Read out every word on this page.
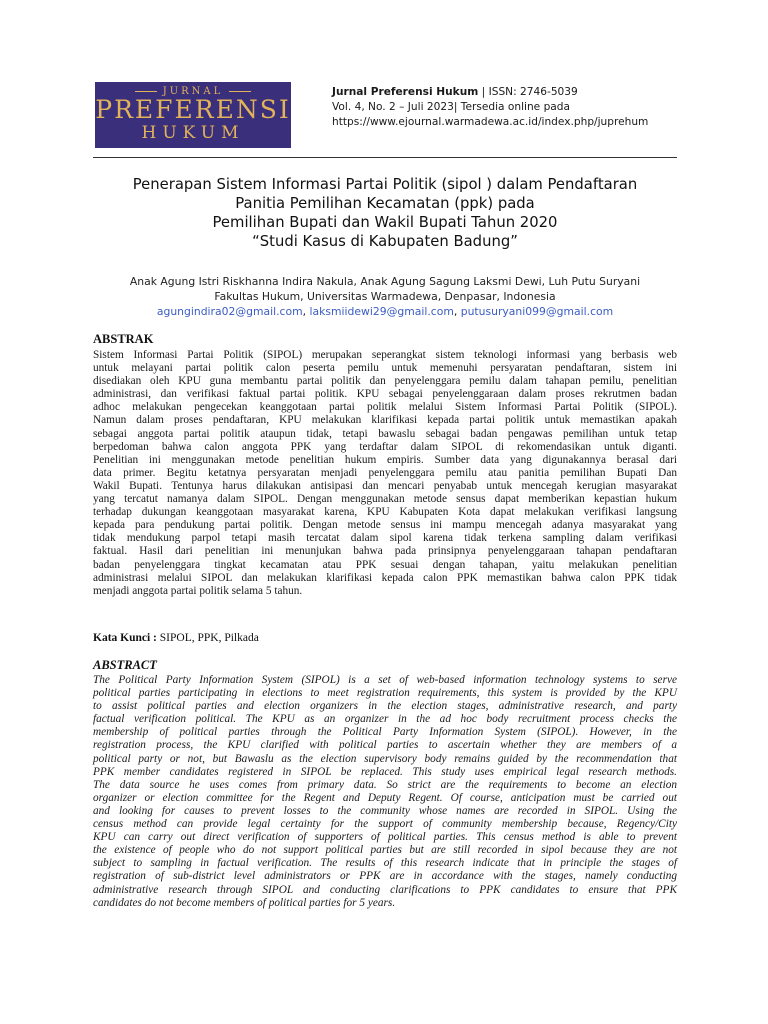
JURNAL
PREFERENSI
HUKUM
Jurnal Preferensi Hukum | ISSN: 2746-5039
Vol. 4, No. 2 – Juli 2023| Tersedia online pada
https://www.ejournal.warmadewa.ac.id/index.php/juprehum
Penerapan Sistem Informasi Partai Politik (sipol ) dalam Pendaftaran
Panitia Pemilihan Kecamatan (ppk) pada
Pemilihan Bupati dan Wakil Bupati Tahun 2020
“Studi Kasus di Kabupaten Badung”
Anak Agung Istri Riskhanna Indira Nakula, Anak Agung Sagung Laksmi Dewi, Luh Putu Suryani
Fakultas Hukum, Universitas Warmadewa, Denpasar, Indonesia
agungindira02@gmail.com, laksmiidewi29@gmail.com, putusuryani099@gmail.com
ABSTRAK
Sistem Informasi Partai Politik (SIPOL) merupakan seperangkat sistem teknologi informasi yang berbasis web
untuk melayani partai politik calon peserta pemilu untuk memenuhi persyaratan pendaftaran, sistem ini
disediakan oleh KPU guna membantu partai politik dan penyelenggara pemilu dalam tahapan pemilu, penelitian
administrasi, dan verifikasi faktual partai politik. KPU sebagai penyelenggaraan dalam proses rekrutmen badan
adhoc melakukan pengecekan keanggotaan partai politik melalui Sistem Informasi Partai Politik (SIPOL).
Namun dalam proses pendaftaran, KPU melakukan klarifikasi kepada partai politik untuk memastikan apakah
sebagai anggota partai politik ataupun tidak, tetapi bawaslu sebagai badan pengawas pemilihan untuk tetap
berpedoman bahwa calon anggota PPK yang terdaftar dalam SIPOL di rekomendasikan untuk diganti.
Penelitian ini menggunakan metode penelitian hukum empiris. Sumber data yang digunakannya berasal dari
data primer. Begitu ketatnya persyaratan menjadi penyelenggara pemilu atau panitia pemilihan Bupati Dan
Wakil Bupati. Tentunya harus dilakukan antisipasi dan mencari penyabab untuk mencegah kerugian masyarakat
yang tercatut namanya dalam SIPOL. Dengan menggunakan metode sensus dapat memberikan kepastian hukum
terhadap dukungan keanggotaan masyarakat karena, KPU Kabupaten Kota dapat melakukan verifikasi langsung
kepada para pendukung partai politik. Dengan metode sensus ini mampu mencegah adanya masyarakat yang
tidak mendukung parpol tetapi masih tercatat dalam sipol karena tidak terkena sampling dalam verifikasi
faktual. Hasil dari penelitian ini menunjukan bahwa pada prinsipnya penyelenggaraan tahapan pendaftaran
badan penyelenggara tingkat kecamatan atau PPK sesuai dengan tahapan, yaitu melakukan penelitian
administrasi melalui SIPOL dan melakukan klarifikasi kepada calon PPK memastikan bahwa calon PPK tidak
menjadi anggota partai politik selama 5 tahun.
Kata Kunci : SIPOL, PPK, Pilkada
ABSTRACT
The Political Party Information System (SIPOL) is a set of web-based information technology systems to serve
political parties participating in elections to meet registration requirements, this system is provided by the KPU
to assist political parties and election organizers in the election stages, administrative research, and party
factual verification political. The KPU as an organizer in the ad hoc body recruitment process checks the
membership of political parties through the Political Party Information System (SIPOL). However, in the
registration process, the KPU clarified with political parties to ascertain whether they are members of a
political party or not, but Bawaslu as the election supervisory body remains guided by the recommendation that
PPK member candidates registered in SIPOL be replaced. This study uses empirical legal research methods.
The data source he uses comes from primary data. So strict are the requirements to become an election
organizer or election committee for the Regent and Deputy Regent. Of course, anticipation must be carried out
and looking for causes to prevent losses to the community whose names are recorded in SIPOL. Using the
census method can provide legal certainty for the support of community membership because, Regency/City
KPU can carry out direct verification of supporters of political parties. This census method is able to prevent
the existence of people who do not support political parties but are still recorded in sipol because they are not
subject to sampling in factual verification. The results of this research indicate that in principle the stages of
registration of sub-district level administrators or PPK are in accordance with the stages, namely conducting
administrative research through SIPOL and conducting clarifications to PPK candidates to ensure that PPK
candidates do not become members of political parties for 5 years.
